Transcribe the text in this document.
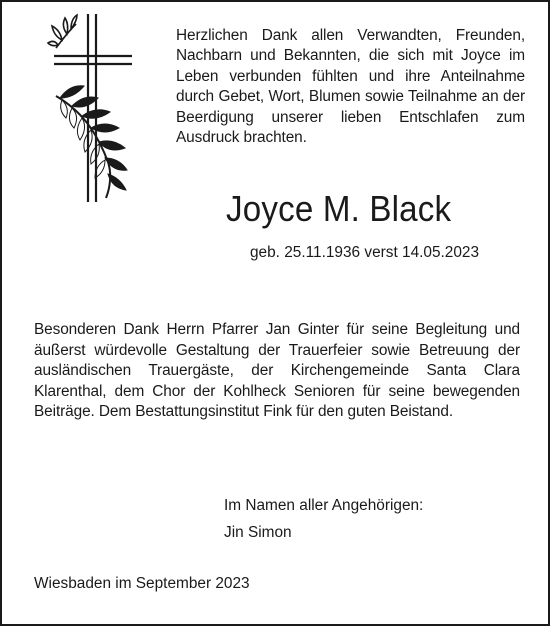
Herzlichen Dank allen Verwandten, Freunden, Nachbarn und Bekannten, die sich mit Joyce im Leben verbunden fühlten und ihre Anteilnahme durch Gebet, Wort, Blumen sowie Teilnahme an der Beerdigung unserer lieben Entschlafen zum Ausdruck brachten.

Joyce M. Black

geb. 25.11.1936 verst 14.05.2023

Besonderen Dank Herrn Pfarrer Jan Ginter für seine Begleitung und äußerst würdevolle Gestaltung der Trauerfeier sowie Betreuung der ausländischen Trauergäste, der Kirchengemeinde Santa Clara Klarenthal, dem Chor der Kohlheck Senioren für seine bewegenden Beiträge. Dem Bestattungsinstitut Fink für den guten Beistand.

Im Namen aller Angehörigen:

Jin Simon

Wiesbaden im September 2023
